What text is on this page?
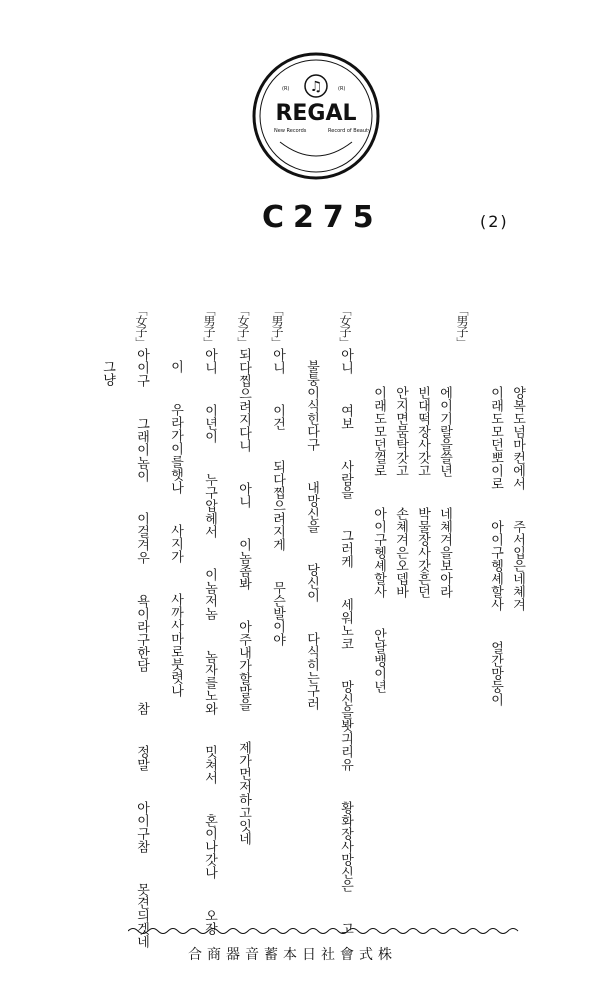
♫
(R)	(R)
REGAL
New Records	Record of Beauty
C275	(2)

양복도넘마컨에서  주서입은네쳬겨

이래도모던뽀이로  아이구헹셰할사  얼간망둥이

「男子」

에이기랄을쓸년  네쳬겨을보아라

빈대떡장사갓고  박물장사갓흔던

안지면뭄탁갓고  손쳬겨은오뎁바

이래도모던껄로  아이구헹셰할사  안달뱅이년

「女子」아니  여보  사람을  그러케  세워노코  망신을봣긔리유  황화장사망신은  고

불퉁이식힌다구  내망신을  당신이  다식히는구러

「男子」아니  이건  되다찝으려지게  무슨발이야

「女子」되다찝으려지다니  아니  이놈좀봐  아주내가할말을  제가먼저하고잇네

「男子」아니  이년이  누구압헤서  이놈저놈  놈자를노와  밋쳐서  혼이나갓나  오장

이  우라가이를햇나  사지가  사까사마로붓렷나

「女子」아이구  그래이놈이  이걸겨우  욕이라구한담  참  정말  아이구참  못견듸겟네

그냥

合商器音蓄本日社會式株
